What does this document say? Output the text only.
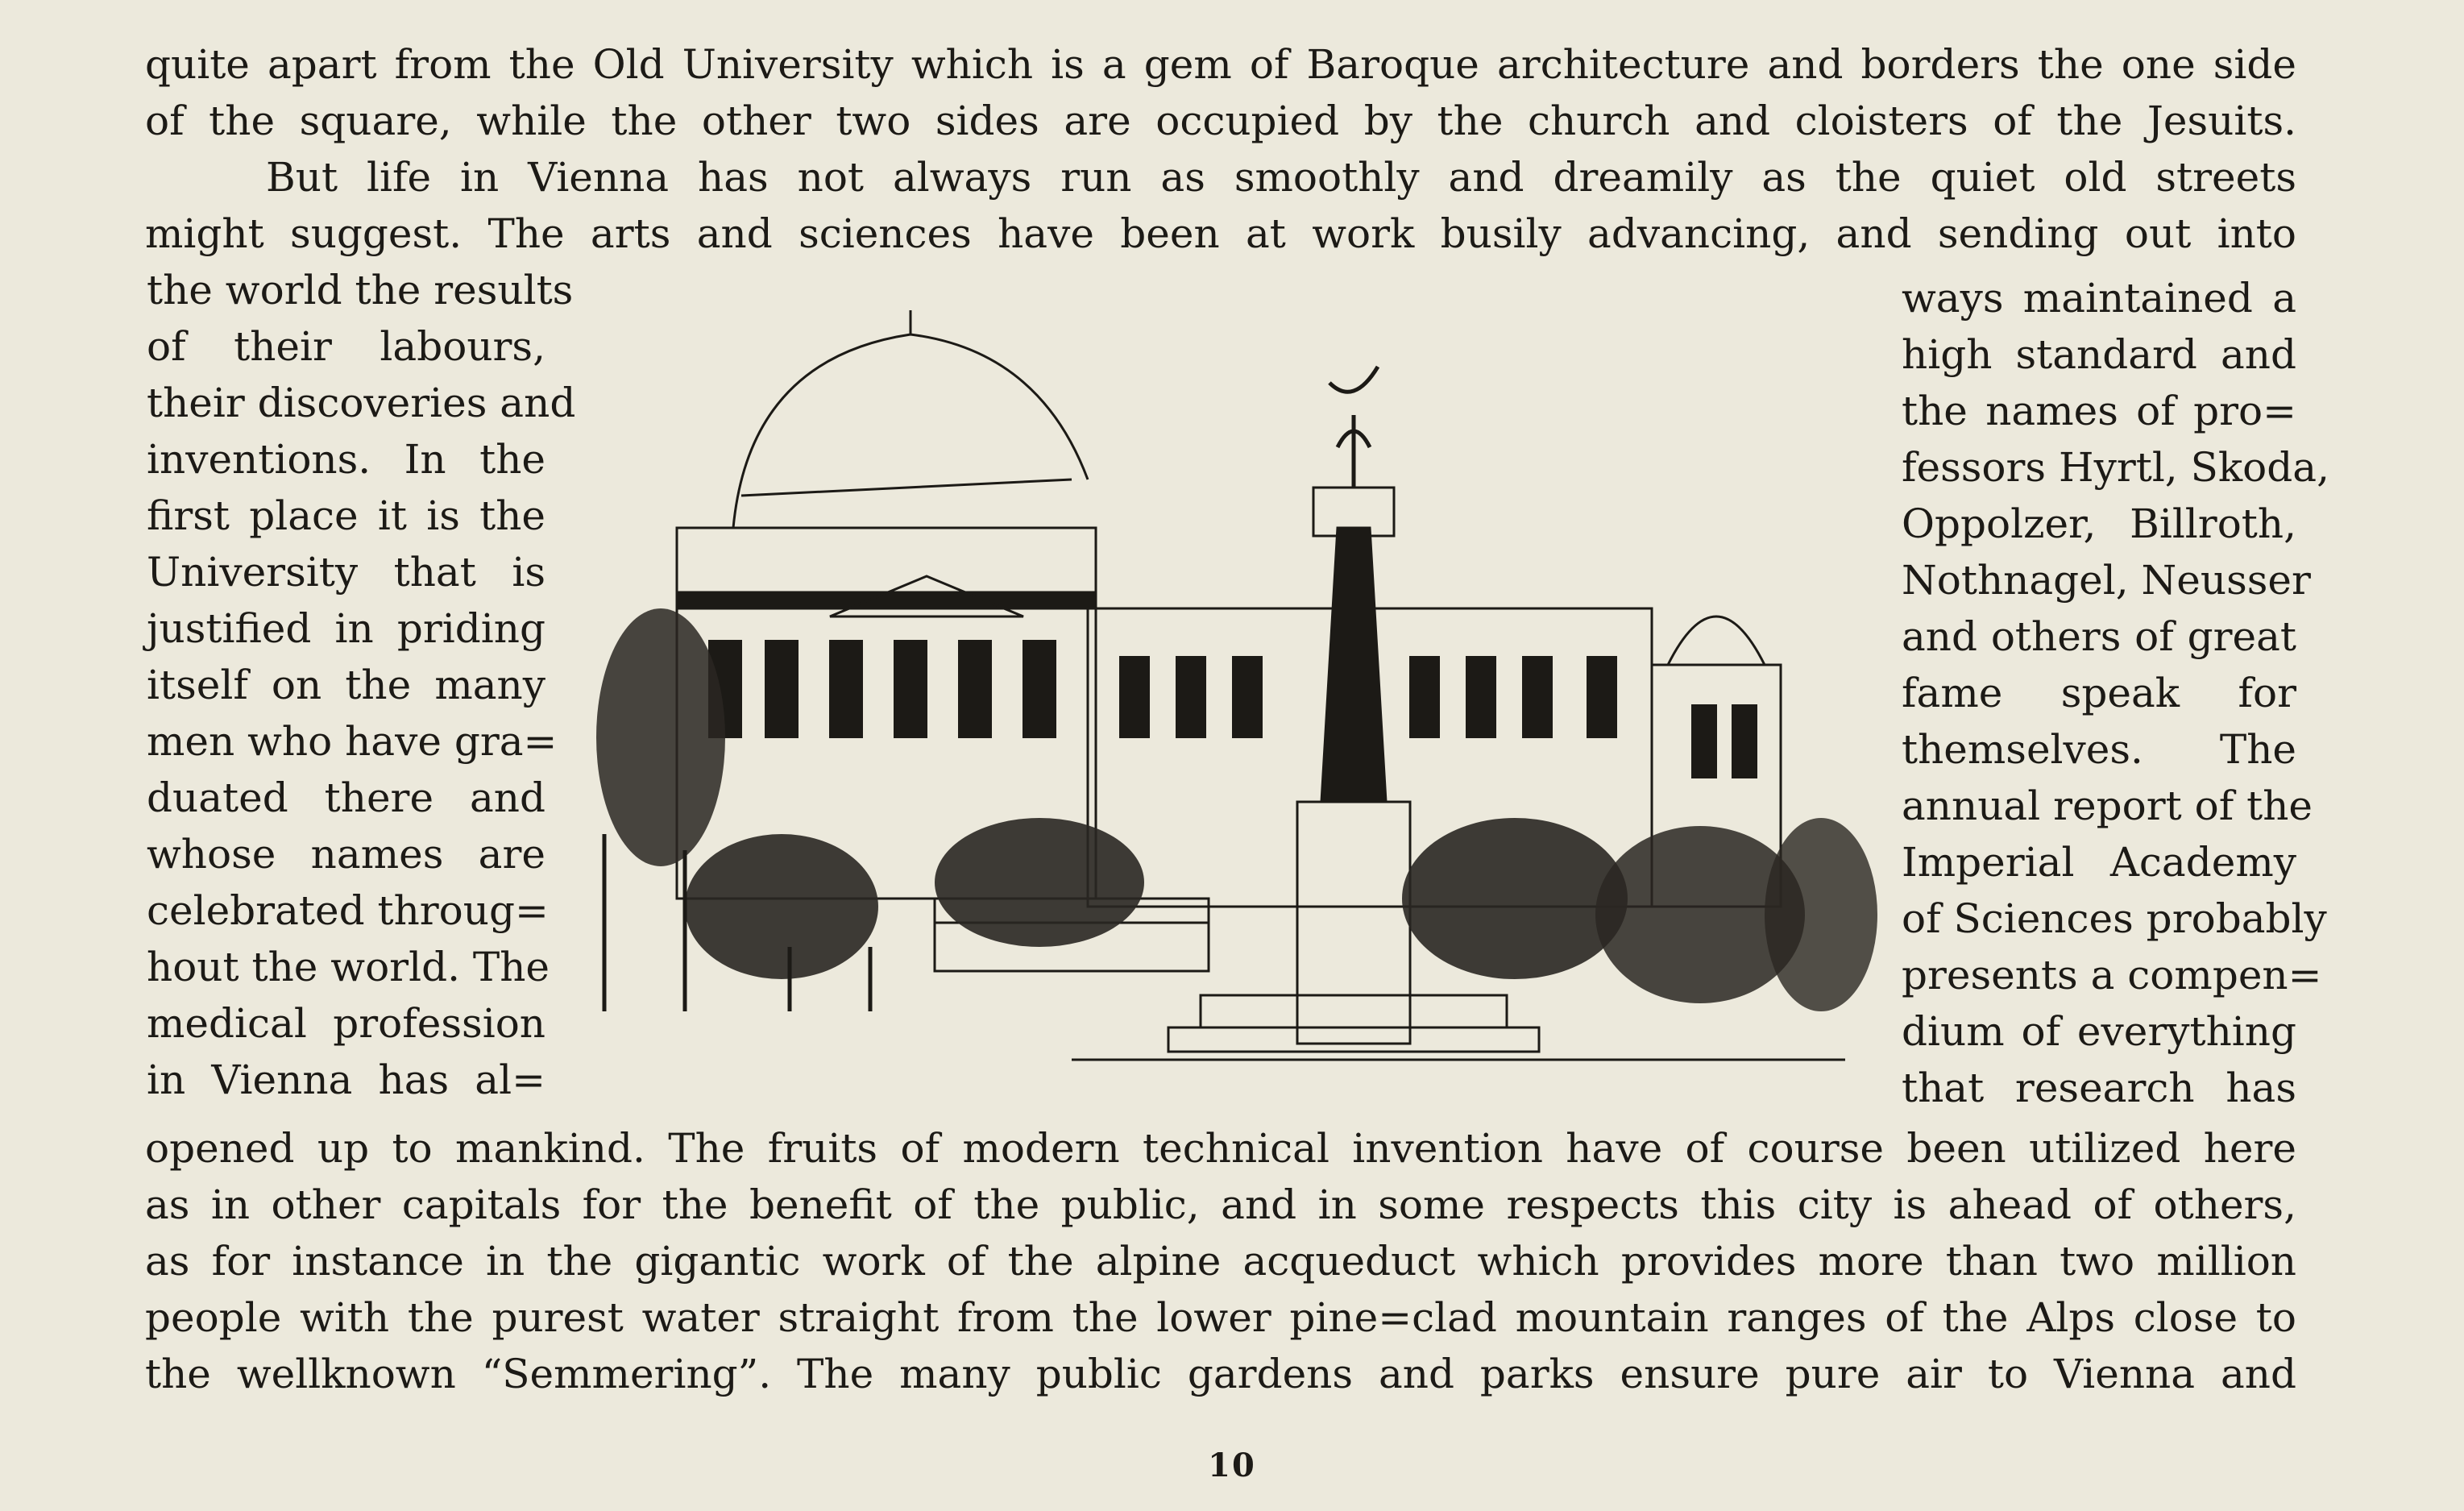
quite apart from the Old University which is a gem of Baroque architecture and borders the one side
of the square, while the other two sides are occupied by the church and cloisters of the Jesuits.
But life in Vienna has not always run as smoothly and dreamily as the quiet old streets
might suggest. The arts and sciences have been at work busily advancing, and sending out into
the world the results
of their labours,
their discoveries and
inventions. In the
first place it is the
University that is
justified in priding
itself on the many
men who have gra=
duated there and
whose names are
celebrated throug=
hout the world. The
medical profession
in Vienna has al=
ways maintained a
high standard and
the names of pro=
fessors Hyrtl, Skoda,
Oppolzer, Billroth,
Nothnagel, Neusser
and others of great
fame speak for
themselves. The
annual report of the
Imperial Academy
of Sciences probably
presents a compen=
dium of everything
that research has
opened up to mankind. The fruits of modern technical invention have of course been utilized here
as in other capitals for the benefit of the public, and in some respects this city is ahead of others,
as for instance in the gigantic work of the alpine acqueduct which provides more than two million
people with the purest water straight from the lower pine=clad mountain ranges of the Alps close to
the wellknown “Semmering”. The many public gardens and parks ensure pure air to Vienna and
10
